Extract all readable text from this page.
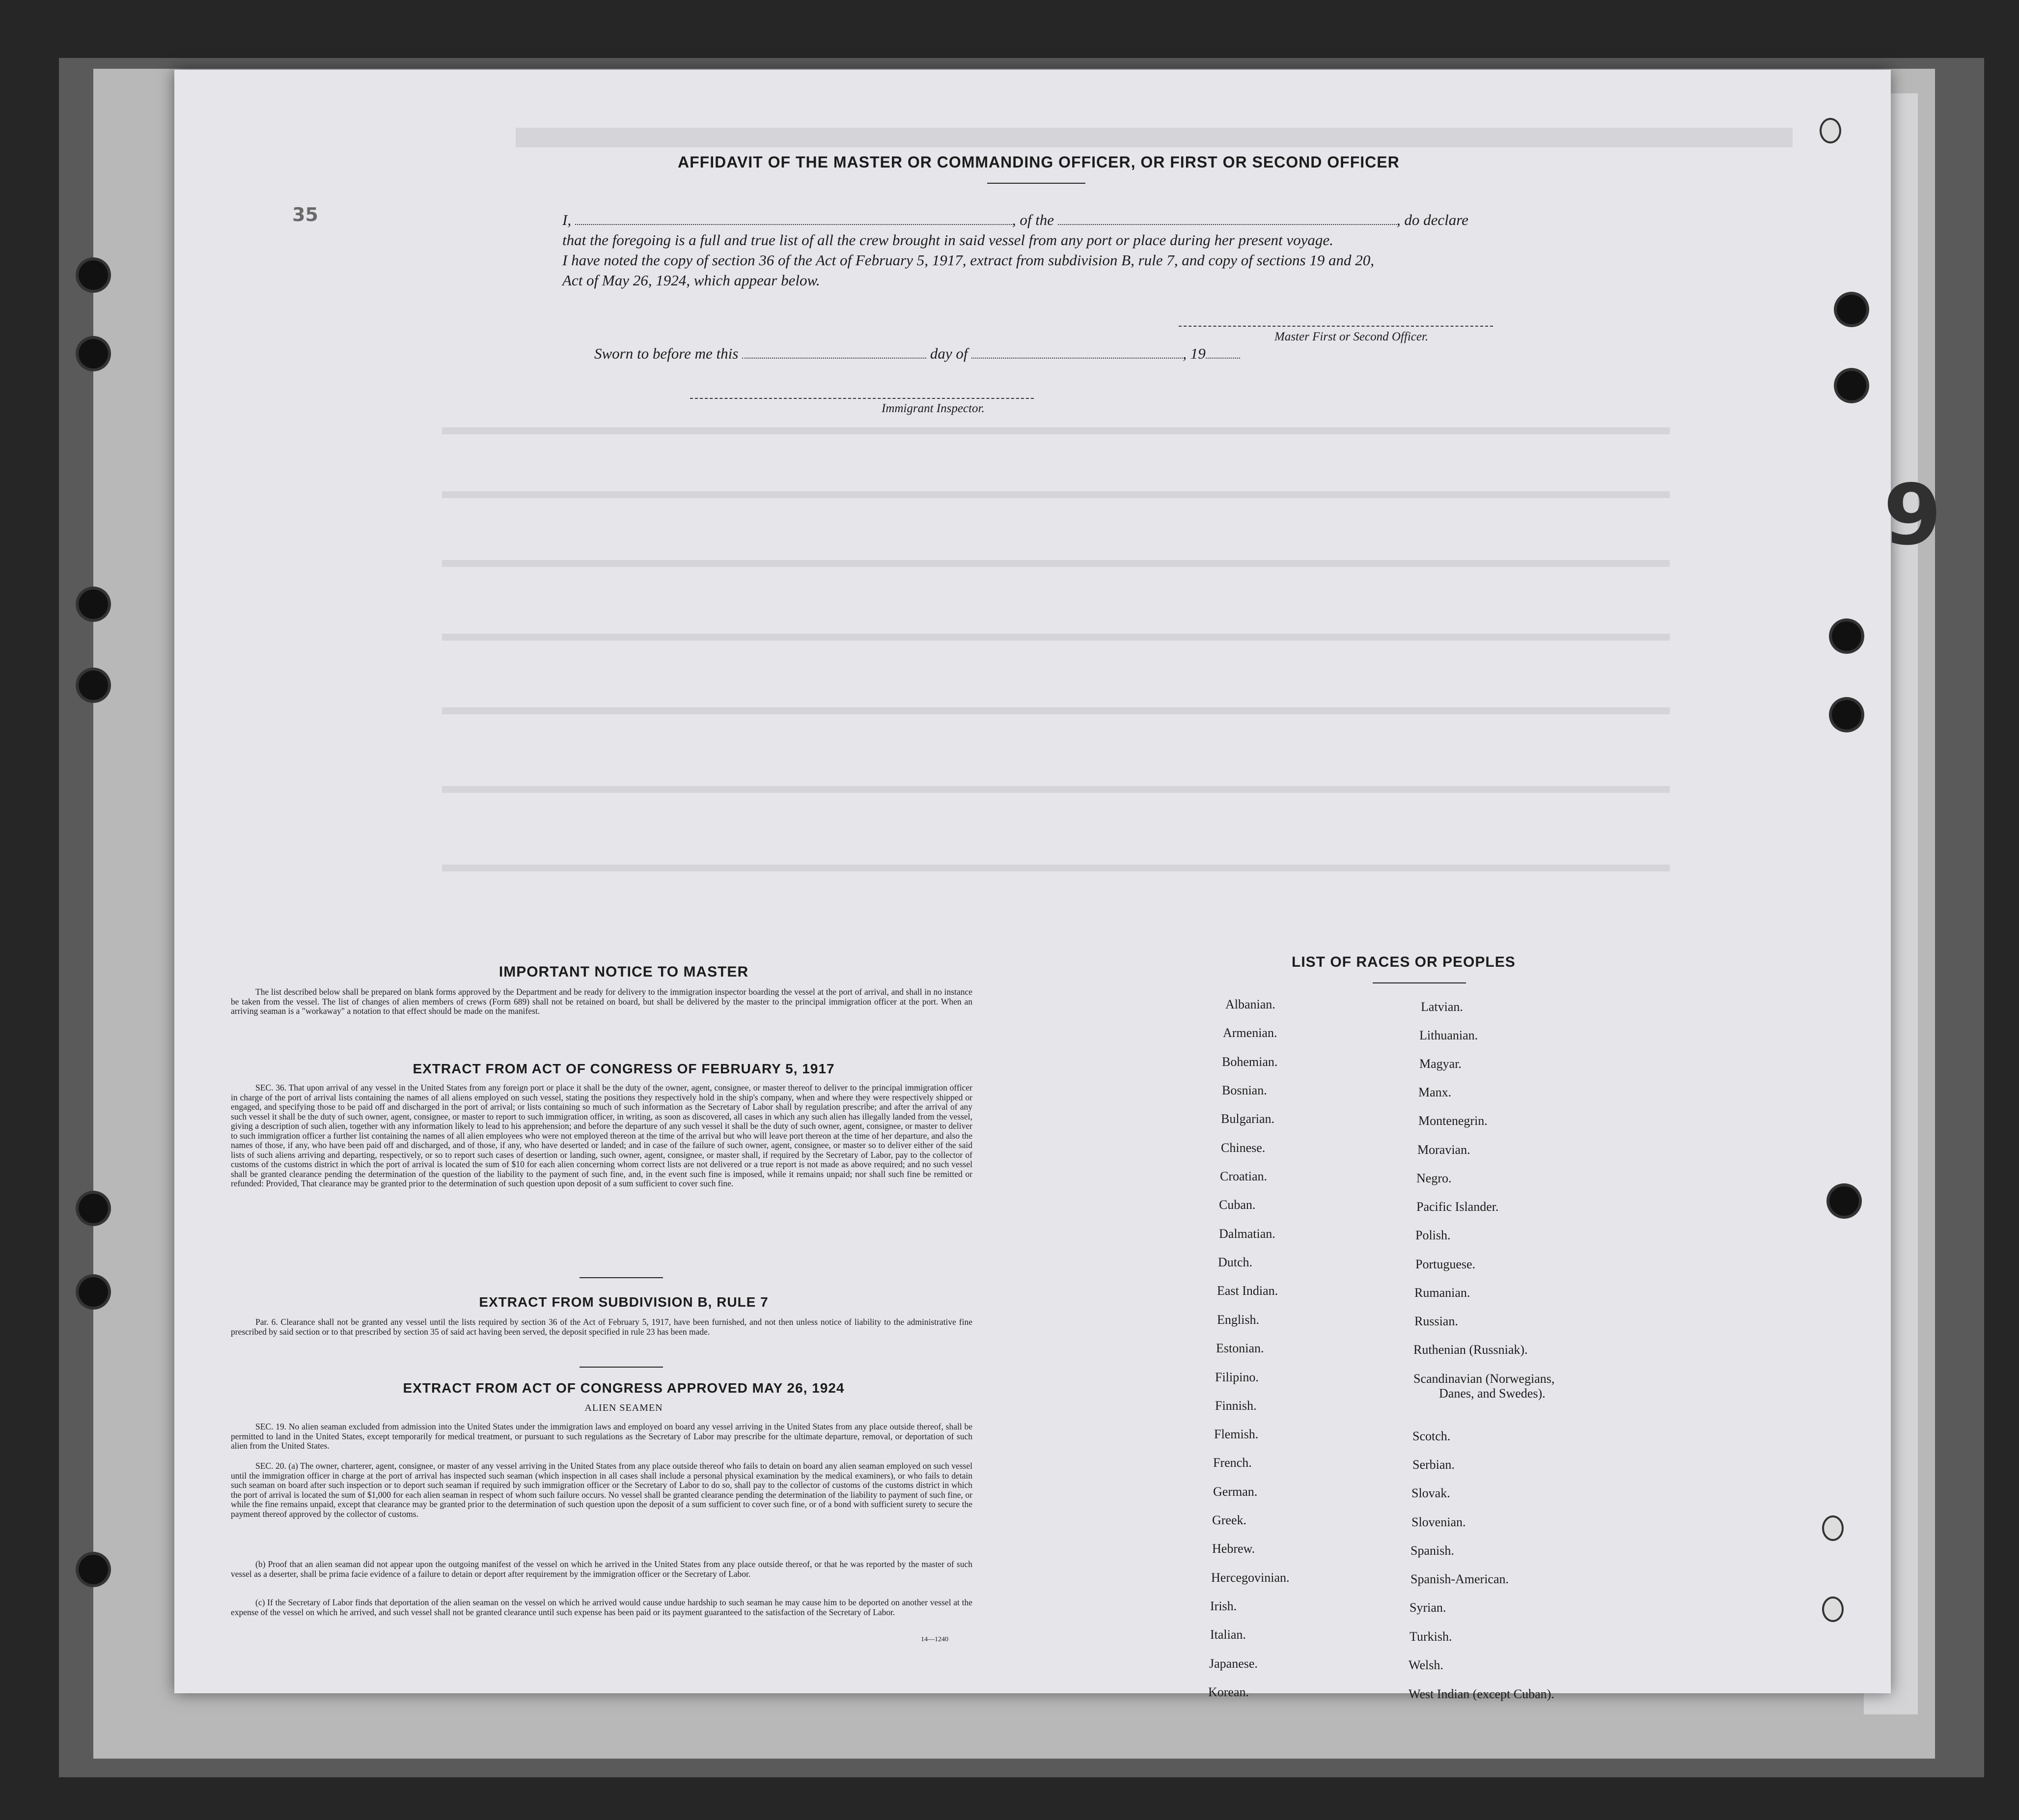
9
35
AFFIDAVIT OF THE MASTER OR COMMANDING OFFICER, OR FIRST OR SECOND OFFICER
I,	, of the	, do declare
that the foregoing is a full and true list of all the crew brought in said vessel from any port or place during her present voyage.
I have noted the copy of section 36 of the Act of February 5, 1917, extract from subdivision B, rule 7, and copy of sections 19 and 20,
Act of May 26, 1924, which appear below.
Master First or Second Officer.
Sworn to before me this	day of	, 19
Immigrant Inspector.
IMPORTANT NOTICE TO MASTER
The list described below shall be prepared on blank forms approved by the Department and be ready for delivery to the immigration inspector boarding the vessel at the port of arrival, and shall in no instance be taken from the vessel. The list of changes of alien members of crews (Form 689) shall not be retained on board, but shall be delivered by the master to the principal immigration officer at the port. When an arriving seaman is a "workaway" a notation to that effect should be made on the manifest.
EXTRACT FROM ACT OF CONGRESS OF FEBRUARY 5, 1917
SEC. 36. That upon arrival of any vessel in the United States from any foreign port or place it shall be the duty of the owner, agent, consignee, or master thereof to deliver to the principal immigration officer in charge of the port of arrival lists containing the names of all aliens employed on such vessel, stating the positions they respectively hold in the ship's company, when and where they were respectively shipped or engaged, and specifying those to be paid off and discharged in the port of arrival; or lists containing so much of such information as the Secretary of Labor shall by regulation prescribe; and after the arrival of any such vessel it shall be the duty of such owner, agent, consignee, or master to report to such immigration officer, in writing, as soon as discovered, all cases in which any such alien has illegally landed from the vessel, giving a description of such alien, together with any information likely to lead to his apprehension; and before the departure of any such vessel it shall be the duty of such owner, agent, consignee, or master to deliver to such immigration officer a further list containing the names of all alien employees who were not employed thereon at the time of the arrival but who will leave port thereon at the time of her departure, and also the names of those, if any, who have been paid off and discharged, and of those, if any, who have deserted or landed; and in case of the failure of such owner, agent, consignee, or master so to deliver either of the said lists of such aliens arriving and departing, respectively, or so to report such cases of desertion or landing, such owner, agent, consignee, or master shall, if required by the Secretary of Labor, pay to the collector of customs of the customs district in which the port of arrival is located the sum of $10 for each alien concerning whom correct lists are not delivered or a true report is not made as above required; and no such vessel shall be granted clearance pending the determination of the question of the liability to the payment of such fine, and, in the event such fine is imposed, while it remains unpaid; nor shall such fine be remitted or refunded: Provided, That clearance may be granted prior to the determination of such question upon deposit of a sum sufficient to cover such fine.
EXTRACT FROM SUBDIVISION B, RULE 7
Par. 6. Clearance shall not be granted any vessel until the lists required by section 36 of the Act of February 5, 1917, have been furnished, and not then unless notice of liability to the administrative fine prescribed by said section or to that prescribed by section 35 of said act having been served, the deposit specified in rule 23 has been made.
EXTRACT FROM ACT OF CONGRESS APPROVED MAY 26, 1924
ALIEN SEAMEN
SEC. 19. No alien seaman excluded from admission into the United States under the immigration laws and employed on board any vessel arriving in the United States from any place outside thereof, shall be permitted to land in the United States, except temporarily for medical treatment, or pursuant to such regulations as the Secretary of Labor may prescribe for the ultimate departure, removal, or deportation of such alien from the United States.
SEC. 20. (a) The owner, charterer, agent, consignee, or master of any vessel arriving in the United States from any place outside thereof who fails to detain on board any alien seaman employed on such vessel until the immigration officer in charge at the port of arrival has inspected such seaman (which inspection in all cases shall include a personal physical examination by the medical examiners), or who fails to detain such seaman on board after such inspection or to deport such seaman if required by such immigration officer or the Secretary of Labor to do so, shall pay to the collector of customs of the customs district in which the port of arrival is located the sum of $1,000 for each alien seaman in respect of whom such failure occurs. No vessel shall be granted clearance pending the determination of the liability to payment of such fine, or while the fine remains unpaid, except that clearance may be granted prior to the determination of such question upon the deposit of a sum sufficient to cover such fine, or of a bond with sufficient surety to secure the payment thereof approved by the collector of customs.
(b) Proof that an alien seaman did not appear upon the outgoing manifest of the vessel on which he arrived in the United States from any place outside thereof, or that he was reported by the master of such vessel as a deserter, shall be prima facie evidence of a failure to detain or deport after requirement by the immigration officer or the Secretary of Labor.
(c) If the Secretary of Labor finds that deportation of the alien seaman on the vessel on which he arrived would cause undue hardship to such seaman he may cause him to be deported on another vessel at the expense of the vessel on which he arrived, and such vessel shall not be granted clearance until such expense has been paid or its payment guaranteed to the satisfaction of the Secretary of Labor.
14—1240
LIST OF RACES OR PEOPLES
Albanian.
Armenian.
Bohemian.
Bosnian.
Bulgarian.
Chinese.
Croatian.
Cuban.
Dalmatian.
Dutch.
East Indian.
English.
Estonian.
Filipino.
Finnish.
Flemish.
French.
German.
Greek.
Hebrew.
Hercegovinian.
Irish.
Italian.
Japanese.
Korean.
Latvian.
Lithuanian.
Magyar.
Manx.
Montenegrin.
Moravian.
Negro.
Pacific Islander.
Polish.
Portuguese.
Rumanian.
Russian.
Ruthenian (Russniak).
Scandinavian (Norwegians,
Danes, and Swedes).
Scotch.
Serbian.
Slovak.
Slovenian.
Spanish.
Spanish-American.
Syrian.
Turkish.
Welsh.
West Indian (except Cuban).
